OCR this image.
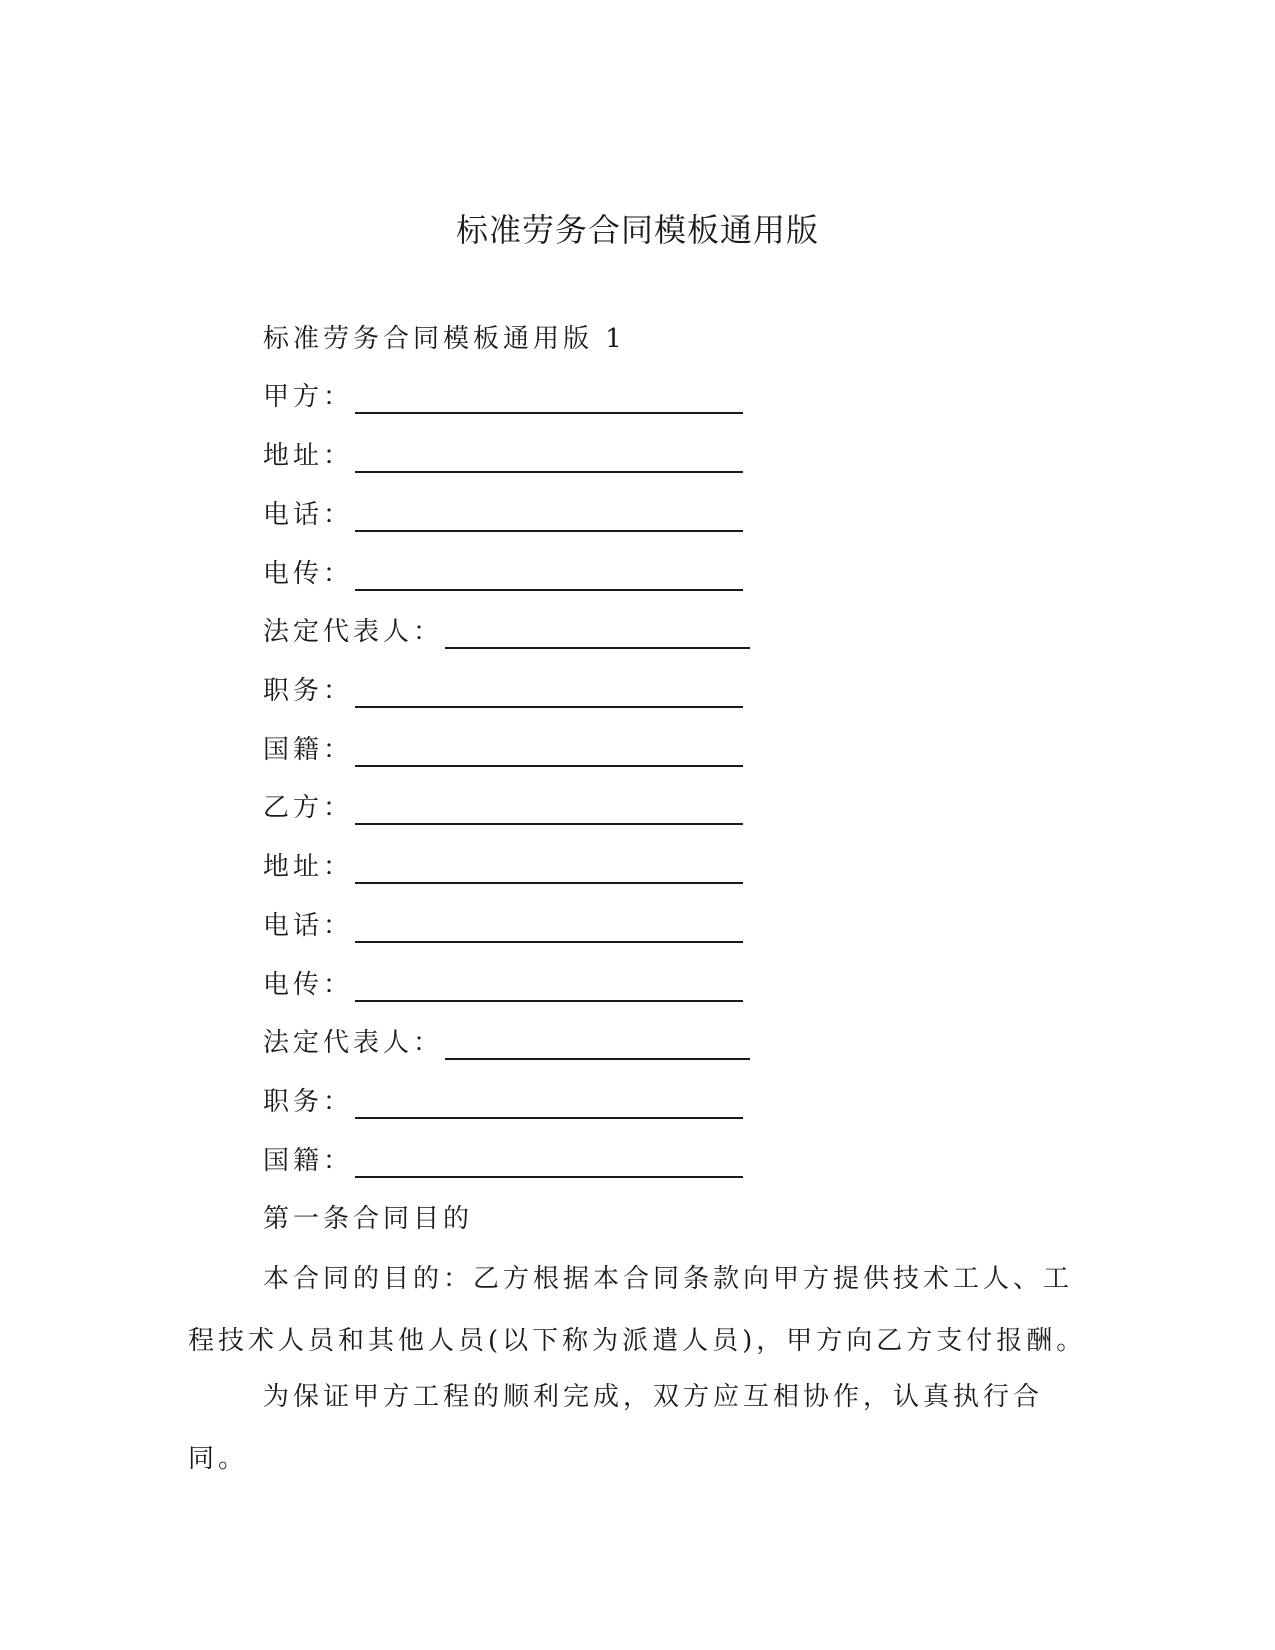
标准劳务合同模板通用版
标准劳务合同模板通用版 1
甲方：
地址：
电话：
电传：
法定代表人：
职务：
国籍：
乙方：
地址：
电话：
电传：
法定代表人：
职务：
国籍：
第一条合同目的

本合同的目的：乙方根据本合同条款向甲方提供技术工人、工程技术人员和其他人员(以下称为派遣人员)，甲方向乙方支付报酬。

为保证甲方工程的顺利完成，双方应互相协作，认真执行合同。
